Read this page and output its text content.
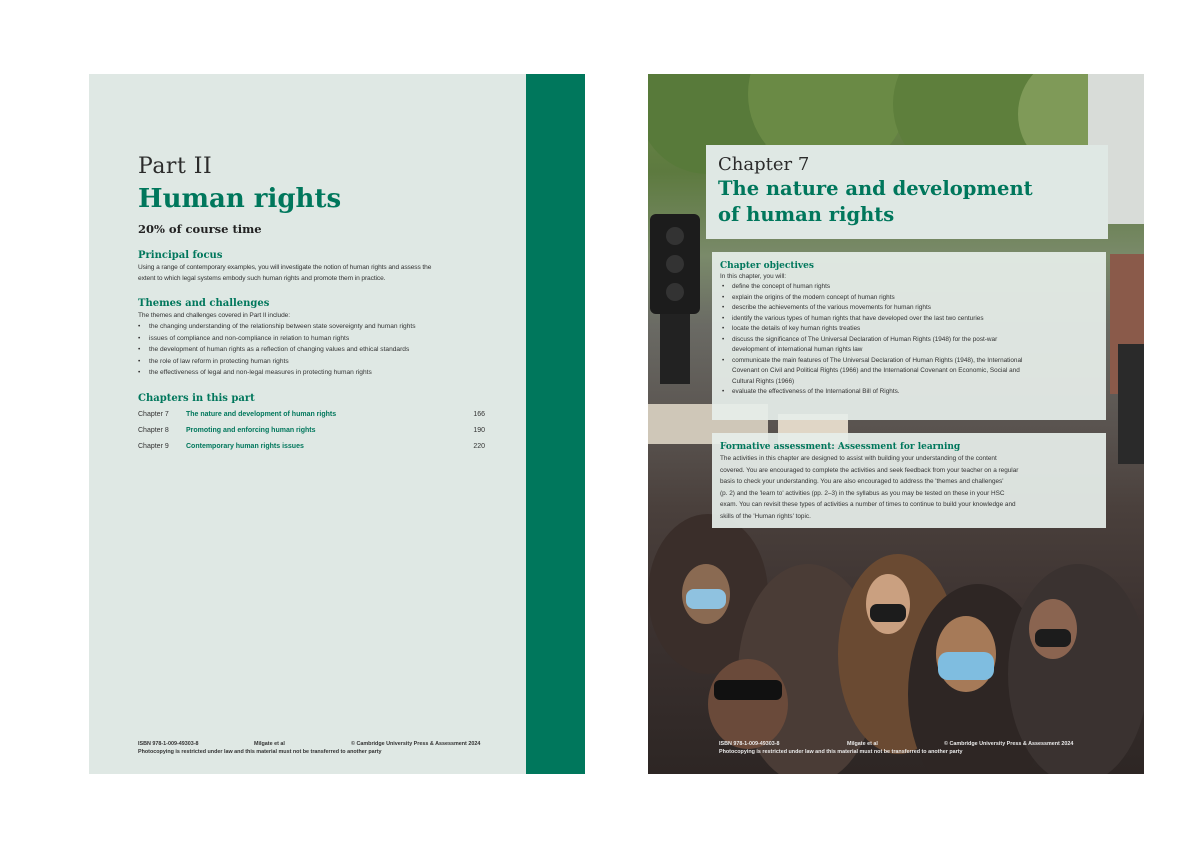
Part II
Human rights
20% of course time
Principal focus
Using a range of contemporary examples, you will investigate the notion of human rights and assess the
extent to which legal systems embody such human rights and promote them in practice.
Themes and challenges
The themes and challenges covered in Part II include:
• the changing understanding of the relationship between state sovereignty and human rights
• issues of compliance and non-compliance in relation to human rights
• the development of human rights as a reflection of changing values and ethical standards
• the role of law reform in protecting human rights
• the effectiveness of legal and non-legal measures in protecting human rights
Chapters in this part
Chapter 7	The nature and development of human rights	166
Chapter 8	Promoting and enforcing human rights	190
Chapter 9	Contemporary human rights issues	220
ISBN 978-1-009-49303-8	Milgate et al	© Cambridge University Press & Assessment 2024
Photocopying is restricted under law and this material must not be transferred to another party
Chapter 7
The nature and development
of human rights
Chapter objectives
In this chapter, you will:
• define the concept of human rights
• explain the origins of the modern concept of human rights
• describe the achievements of the various movements for human rights
• identify the various types of human rights that have developed over the last two centuries
• locate the details of key human rights treaties
• discuss the significance of The Universal Declaration of Human Rights (1948) for the post-war
development of international human rights law
• communicate the main features of The Universal Declaration of Human Rights (1948), the International
Covenant on Civil and Political Rights (1966) and the International Covenant on Economic, Social and
Cultural Rights (1966)
• evaluate the effectiveness of the International Bill of Rights.
Formative assessment: Assessment for learning
The activities in this chapter are designed to assist with building your understanding of the content
covered. You are encouraged to complete the activities and seek feedback from your teacher on a regular
basis to check your understanding. You are also encouraged to address the 'themes and challenges'
(p. 2) and the 'learn to' activities (pp. 2–3) in the syllabus as you may be tested on these in your HSC
exam. You can revisit these types of activities a number of times to continue to build your knowledge and
skills of the 'Human rights' topic.
ISBN 978-1-009-49303-8	Milgate et al	© Cambridge University Press & Assessment 2024
Photocopying is restricted under law and this material must not be transferred to another party
